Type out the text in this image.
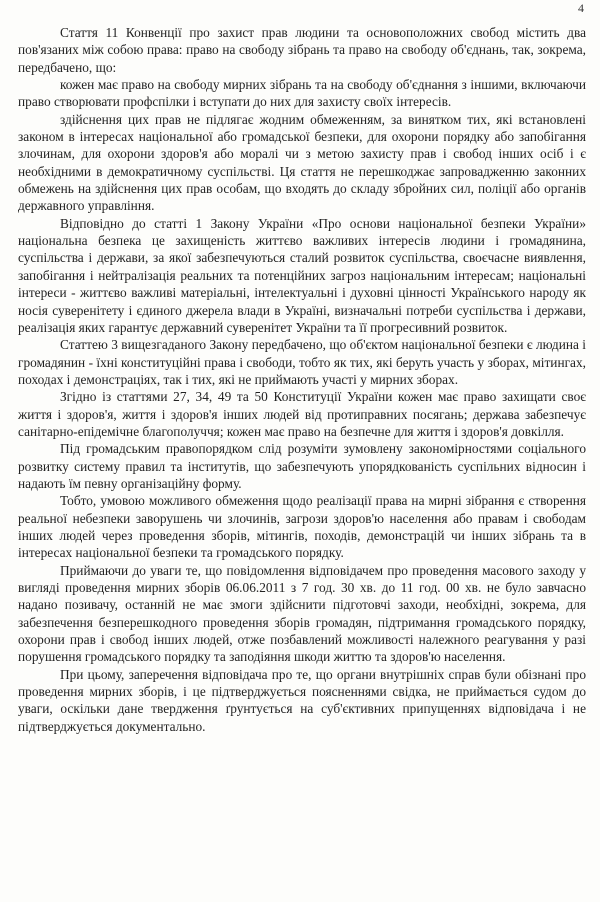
4

Стаття 11 Конвенції про захист прав людини та основоположних свобод містить два пов'язаних між собою права: право на свободу зібрань та право на свободу об'єднань, так, зокрема, передбачено, що:

кожен має право на свободу мирних зібрань та на свободу об'єднання з іншими, включаючи право створювати профспілки і вступати до них для захисту своїх інтересів.

здійснення цих прав не підлягає жодним обмеженням, за винятком тих, які встановлені законом в інтересах національної або громадської безпеки, для охорони порядку або запобігання злочинам, для охорони здоров'я або моралі чи з метою захисту прав і свобод інших осіб і є необхідними в демократичному суспільстві. Ця стаття не перешкоджає запровадженню законних обмежень на здійснення цих прав особам, що входять до складу збройних сил, поліції або органів державного управління.

Відповідно до статті 1 Закону України «Про основи національної безпеки України» національна безпека це захищеність життєво важливих інтересів людини і громадянина, суспільства і держави, за якої забезпечуються сталий розвиток суспільства, своєчасне виявлення, запобігання і нейтралізація реальних та потенційних загроз національним інтересам; національні інтереси - життєво важливі матеріальні, інтелектуальні і духовні цінності Українського народу як носія суверенітету і єдиного джерела влади в Україні, визначальні потреби суспільства і держави, реалізація яких гарантує державний суверенітет України та її прогресивний розвиток.

Статтею 3 вищезгаданого Закону передбачено, що об'єктом національної безпеки є людина і громадянин - їхні конституційні права і свободи, тобто як тих, які беруть участь у зборах, мітингах, походах і демонстраціях, так і тих, які не приймають участі у мирних зборах.

Згідно із статтями 27, 34, 49 та 50 Конституції України кожен має право захищати своє життя і здоров'я, життя і здоров'я інших людей від протиправних посягань; держава забезпечує санітарно-епідемічне благополуччя; кожен має право на безпечне для життя і здоров'я довкілля.

Під громадським правопорядком слід розуміти зумовлену закономірностями соціального розвитку систему правил та інститутів, що забезпечують упорядкованість суспільних відносин і надають їм певну організаційну форму.

Тобто, умовою можливого обмеження щодо реалізації права на мирні зібрання є створення реальної небезпеки заворушень чи злочинів, загрози здоров'ю населення або правам і свободам інших людей через проведення зборів, мітингів, походів, демонстрацій чи інших зібрань та в інтересах національної безпеки та громадського порядку.

Приймаючи до уваги те, що повідомлення відповідачем про проведення масового заходу у вигляді проведення мирних зборів 06.06.2011 з 7 год. 30 хв. до 11 год. 00 хв. не було завчасно надано позивачу, останній не має змоги здійснити підготовчі заходи, необхідні, зокрема, для забезпечення безперешкодного проведення зборів громадян, підтримання громадського порядку, охорони прав і свобод інших людей, отже позбавлений можливості належного реагування у разі порушення громадського порядку та заподіяння шкоди життю та здоров'ю населення.

При цьому, заперечення відповідача про те, що органи внутрішніх справ були обізнані про проведення мирних зборів, і це підтверджується поясненнями свідка, не приймається судом до уваги, оскільки дане твердження ґрунтується на суб'єктивних припущеннях відповідача і не підтверджується документально.
